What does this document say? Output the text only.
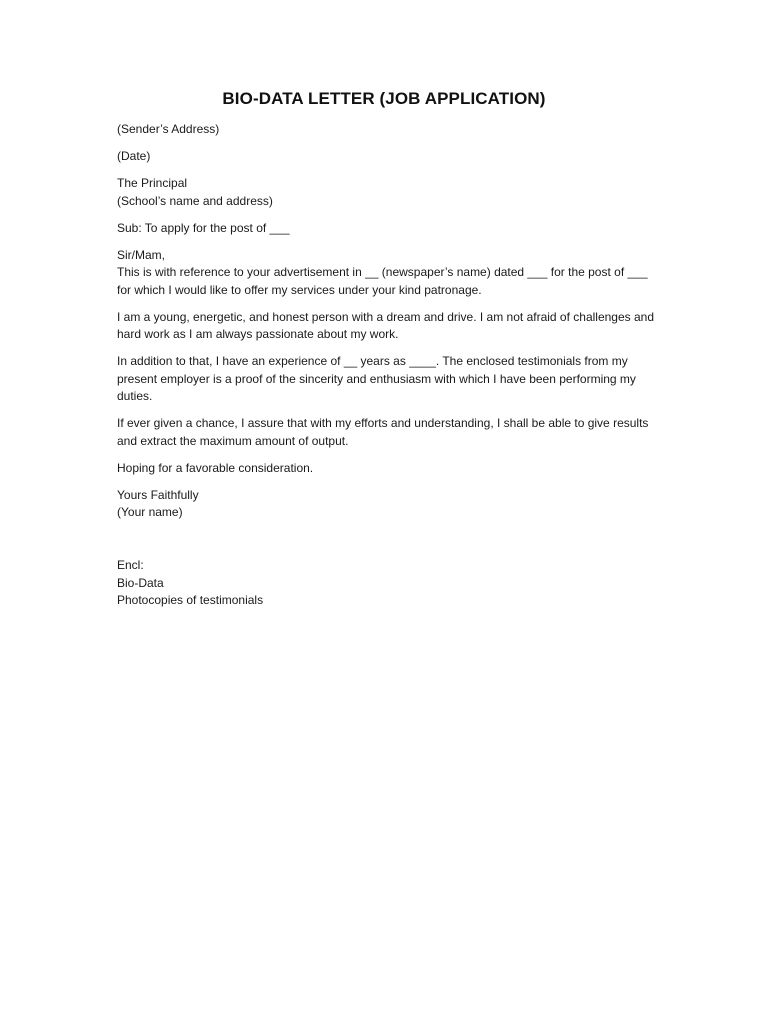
BIO-DATA LETTER (JOB APPLICATION)
(Sender’s Address)
(Date)
The Principal
(School’s name and address)
Sub: To apply for the post of ___
Sir/Mam,
This is with reference to your advertisement in __ (newspaper’s name) dated ___ for the post of ___
for which I would like to offer my services under your kind patronage.
I am a young, energetic, and honest person with a dream and drive. I am not afraid of challenges and
hard work as I am always passionate about my work.
In addition to that, I have an experience of __ years as ____. The enclosed testimonials from my
present employer is a proof of the sincerity and enthusiasm with which I have been performing my
duties.
If ever given a chance, I assure that with my efforts and understanding, I shall be able to give results
and extract the maximum amount of output.
Hoping for a favorable consideration.
Yours Faithfully
(Your name)
Encl:
Bio-Data
Photocopies of testimonials
